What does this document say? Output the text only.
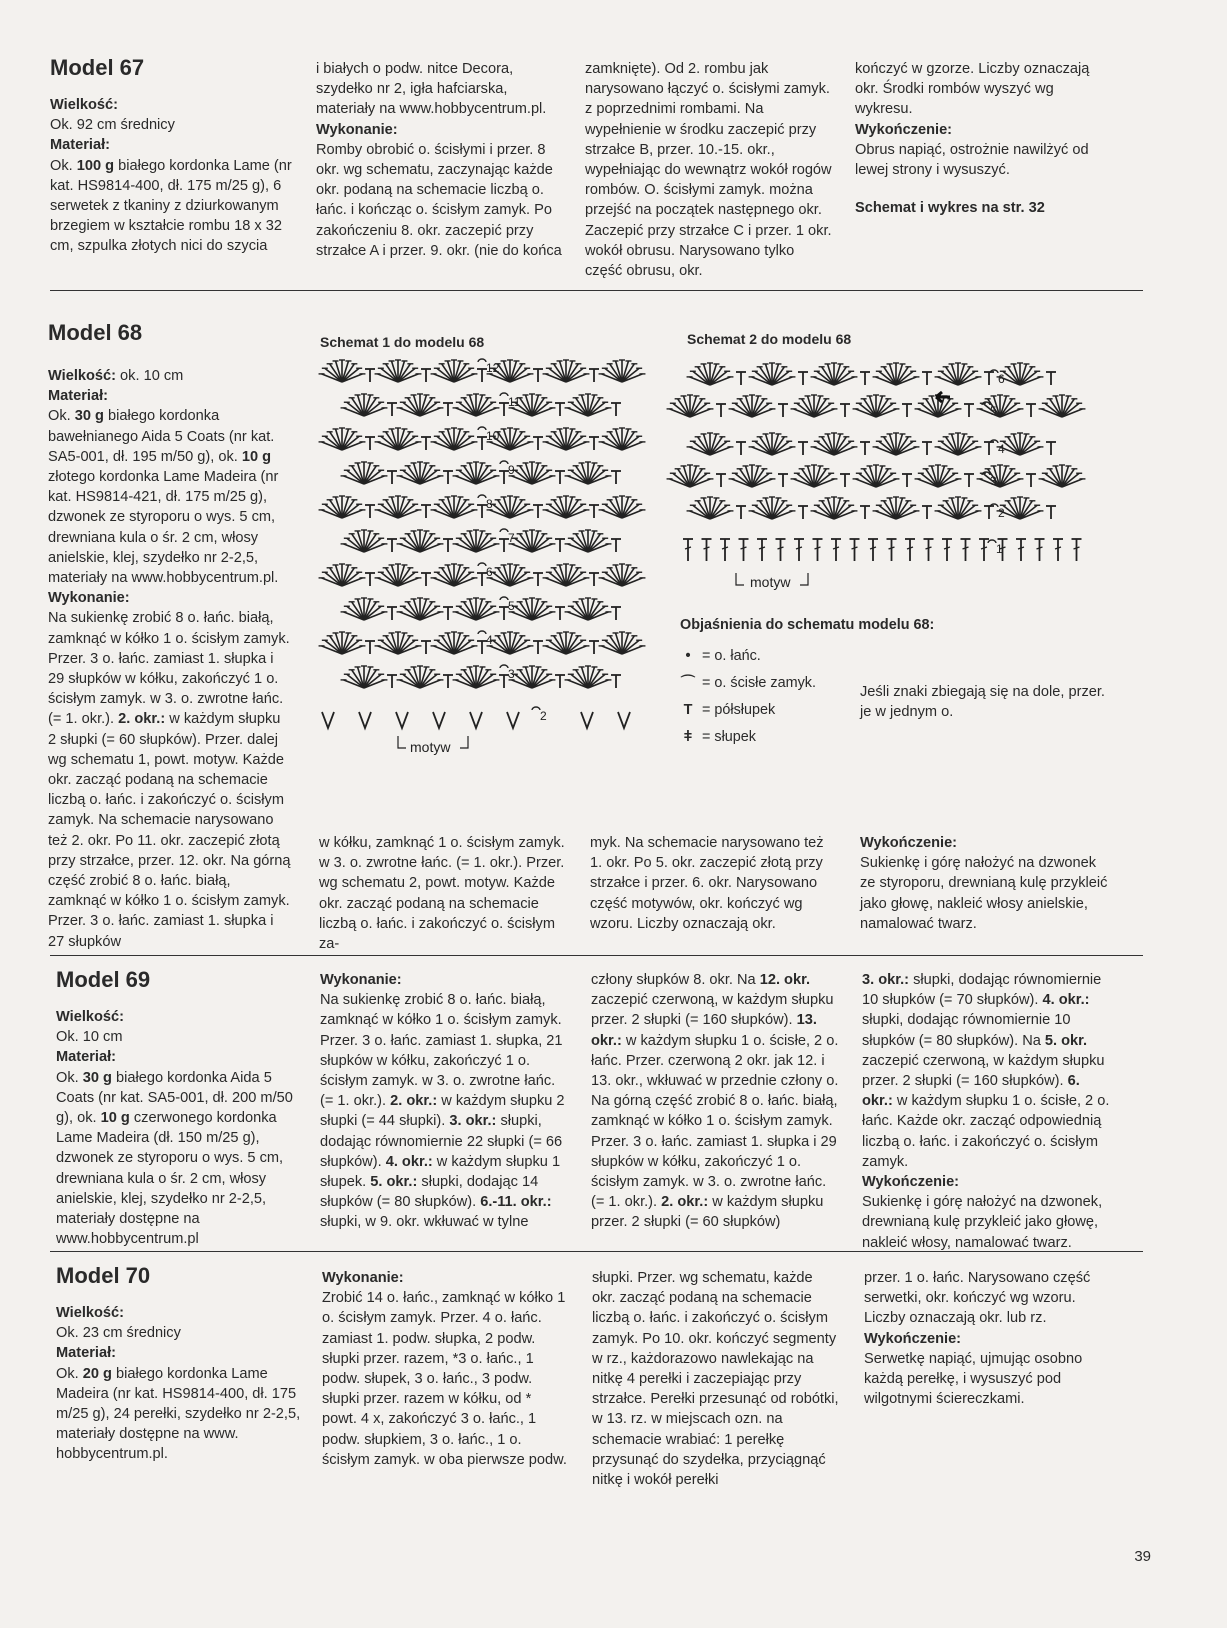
Model 67

Wielkość:

Ok. 92 cm średnicy

Materiał:

Ok. 100 g białego kordonka Lame (nr kat. HS9814-400, dł. 175 m/25 g), 6 serwetek z tkaniny z dziurkowanym brzegiem w kształcie rombu 18 x 32 cm, szpulka złotych nici do szycia

i białych o podw. nitce Decora, szydełko nr 2, igła hafciarska, materiały na www.hobbycentrum.pl.

Wykonanie:

Romby obrobić o. ścisłymi i przer. 8 okr. wg schematu, zaczynając każde okr. podaną na schemacie liczbą o. łańc. i kończąc o. ścisłym zamyk. Po zakończeniu 8. okr. zaczepić przy strzałce A i przer. 9. okr. (nie do końca

zamknięte). Od 2. rombu jak narysowano łączyć o. ścisłymi zamyk. z poprzednimi rombami. Na wypełnienie w środku zaczepić przy strzałce B, przer. 10.-15. okr., wypełniając do wewnątrz wokół rogów rombów. O. ścisłymi zamyk. można przejść na początek następnego okr. Zaczepić przy strzałce C i przer. 1 okr. wokół obrusu. Narysowano tylko część obrusu, okr.

kończyć w gzorze. Liczby oznaczają okr. Środki rombów wyszyć wg wykresu.

Wykończenie:

Obrus napiąć, ostrożnie nawilżyć od lewej strony i wysuszyć.

Schemat i wykres na str. 32

Model 68

Wielkość: ok. 10 cm

Materiał:

Ok. 30 g białego kordonka bawełnianego Aida 5 Coats (nr kat. SA5-001, dł. 195 m/50 g), ok. 10 g złotego kordonka Lame Madeira (nr kat. HS9814-421, dł. 175 m/25 g), dzwonek ze styroporu o wys. 5 cm, drewniana kula o śr. 2 cm, włosy anielskie, klej, szydełko nr 2-2,5, materiały na www.hobbycentrum.pl.

Wykonanie:

Na sukienkę zrobić 8 o. łańc. białą, zamknąć w kółko 1 o. ścisłym zamyk. Przer. 3 o. łańc. zamiast 1. słupka i 29 słupków w kółku, zakończyć 1 o. ścisłym zamyk. w 3. o. zwrotne łańc. (= 1. okr.). 2. okr.: w każdym słupku 2 słupki (= 60 słupków). Przer. dalej wg schematu 1, powt. motyw. Każde okr. zacząć podaną na schemacie liczbą o. łańc. i zakończyć o. ścisłym zamyk. Na schemacie narysowano też 2. okr. Po 11. okr. zaczepić złotą przy strzałce, przer. 12. okr. Na górną część zrobić 8 o. łańc. białą, zamknąć w kółko 1 o. ścisłym zamyk. Przer. 3 o. łańc. zamiast 1. słupka i 27 słupków

Schemat 1 do modelu 68	Schemat 2 do modelu 68
12
11
10
9
8
7
6
5
4
3
2
motyw
6
5
4
3
2
1
motyw

Objaśnienia do schematu modelu 68:

• = o. łańc.
⌒ = o. ścisłe zamyk.
T = półsłupek
ǂ = słupek

Jeśli znaki zbiegają się na dole, przer. je w jednym o.

w kółku, zamknąć 1 o. ścisłym zamyk. w 3. o. zwrotne łańc. (= 1. okr.). Przer. wg schematu 2, powt. motyw. Każde okr. zacząć podaną na schemacie liczbą o. łańc. i zakończyć o. ścisłym za-

myk. Na schemacie narysowano też 1. okr. Po 5. okr. zaczepić złotą przy strzałce i przer. 6. okr. Narysowano część motywów, okr. kończyć wg wzoru. Liczby oznaczają okr.

Wykończenie:

Sukienkę i górę nałożyć na dzwonek ze styroporu, drewnianą kulę przykleić jako głowę, nakleić włosy anielskie, namalować twarz.

Model 69

Wielkość:

Ok. 10 cm

Materiał:

Ok. 30 g białego kordonka Aida 5 Coats (nr kat. SA5-001, dł. 200 m/50 g), ok. 10 g czerwonego kordonka Lame Madeira (dł. 150 m/25 g), dzwonek ze styroporu o wys. 5 cm, drewniana kula o śr. 2 cm, włosy anielskie, klej, szydełko nr 2-2,5, materiały dostępne na www.hobbycentrum.pl

Wykonanie:

Na sukienkę zrobić 8 o. łańc. białą, zamknąć w kółko 1 o. ścisłym zamyk. Przer. 3 o. łańc. zamiast 1. słupka, 21 słupków w kółku, zakończyć 1 o. ścisłym zamyk. w 3. o. zwrotne łańc. (= 1. okr.). 2. okr.: w każdym słupku 2 słupki (= 44 słupki). 3. okr.: słupki, dodając równomiernie 22 słupki (= 66 słupków). 4. okr.: w każdym słupku 1 słupek. 5. okr.: słupki, dodając 14 słupków (= 80 słupków). 6.-11. okr.: słupki, w 9. okr. wkłuwać w tylne

człony słupków 8. okr. Na 12. okr. zaczepić czerwoną, w każdym słupku przer. 2 słupki (= 160 słupków). 13. okr.: w każdym słupku 1 o. ścisłe, 2 o. łańc. Przer. czerwoną 2 okr. jak 12. i 13. okr., wkłuwać w przednie człony o. Na górną część zrobić 8 o. łańc. białą, zamknąć w kółko 1 o. ścisłym zamyk. Przer. 3 o. łańc. zamiast 1. słupka i 29 słupków w kółku, zakończyć 1 o. ścisłym zamyk. w 3. o. zwrotne łańc. (= 1. okr.). 2. okr.: w każdym słupku przer. 2 słupki (= 60 słupków)

3. okr.: słupki, dodając równomiernie 10 słupków (= 70 słupków). 4. okr.: słupki, dodając równomiernie 10 słupków (= 80 słupków). Na 5. okr. zaczepić czerwoną, w każdym słupku przer. 2 słupki (= 160 słupków). 6. okr.: w każdym słupku 1 o. ścisłe, 2 o. łańc. Każde okr. zacząć odpowiednią liczbą o. łańc. i zakończyć o. ścisłym zamyk.

Wykończenie:

Sukienkę i górę nałożyć na dzwonek, drewnianą kulę przykleić jako głowę, nakleić włosy, namalować twarz.

Model 70

Wielkość:

Ok. 23 cm średnicy

Materiał:

Ok. 20 g białego kordonka Lame Madeira (nr kat. HS9814-400, dł. 175 m/25 g), 24 perełki, szydełko nr 2-2,5, materiały dostępne na www. hobbycentrum.pl.

Wykonanie:

Zrobić 14 o. łańc., zamknąć w kółko 1 o. ścisłym zamyk. Przer. 4 o. łańc. zamiast 1. podw. słupka, 2 podw. słupki przer. razem, *3 o. łańc., 1 podw. słupek, 3 o. łańc., 3 podw. słupki przer. razem w kółku, od * powt. 4 x, zakończyć 3 o. łańc., 1 podw. słupkiem, 3 o. łańc., 1 o. ścisłym zamyk. w oba pierwsze podw.

słupki. Przer. wg schematu, każde okr. zacząć podaną na schemacie liczbą o. łańc. i zakończyć o. ścisłym zamyk. Po 10. okr. kończyć segmenty w rz., każdorazowo nawlekając na nitkę 4 perełki i zaczepiając przy strzałce. Perełki przesunąć od robótki, w 13. rz. w miejscach ozn. na schemacie wrabiać: 1 perełkę przysunąć do szydełka, przyciągnąć nitkę i wokół perełki

przer. 1 o. łańc. Narysowano część serwetki, okr. kończyć wg wzoru. Liczby oznaczają okr. lub rz.

Wykończenie:

Serwetkę napiąć, ujmując osobno każdą perełkę, i wysuszyć pod wilgotnymi ściereczkami.

39
